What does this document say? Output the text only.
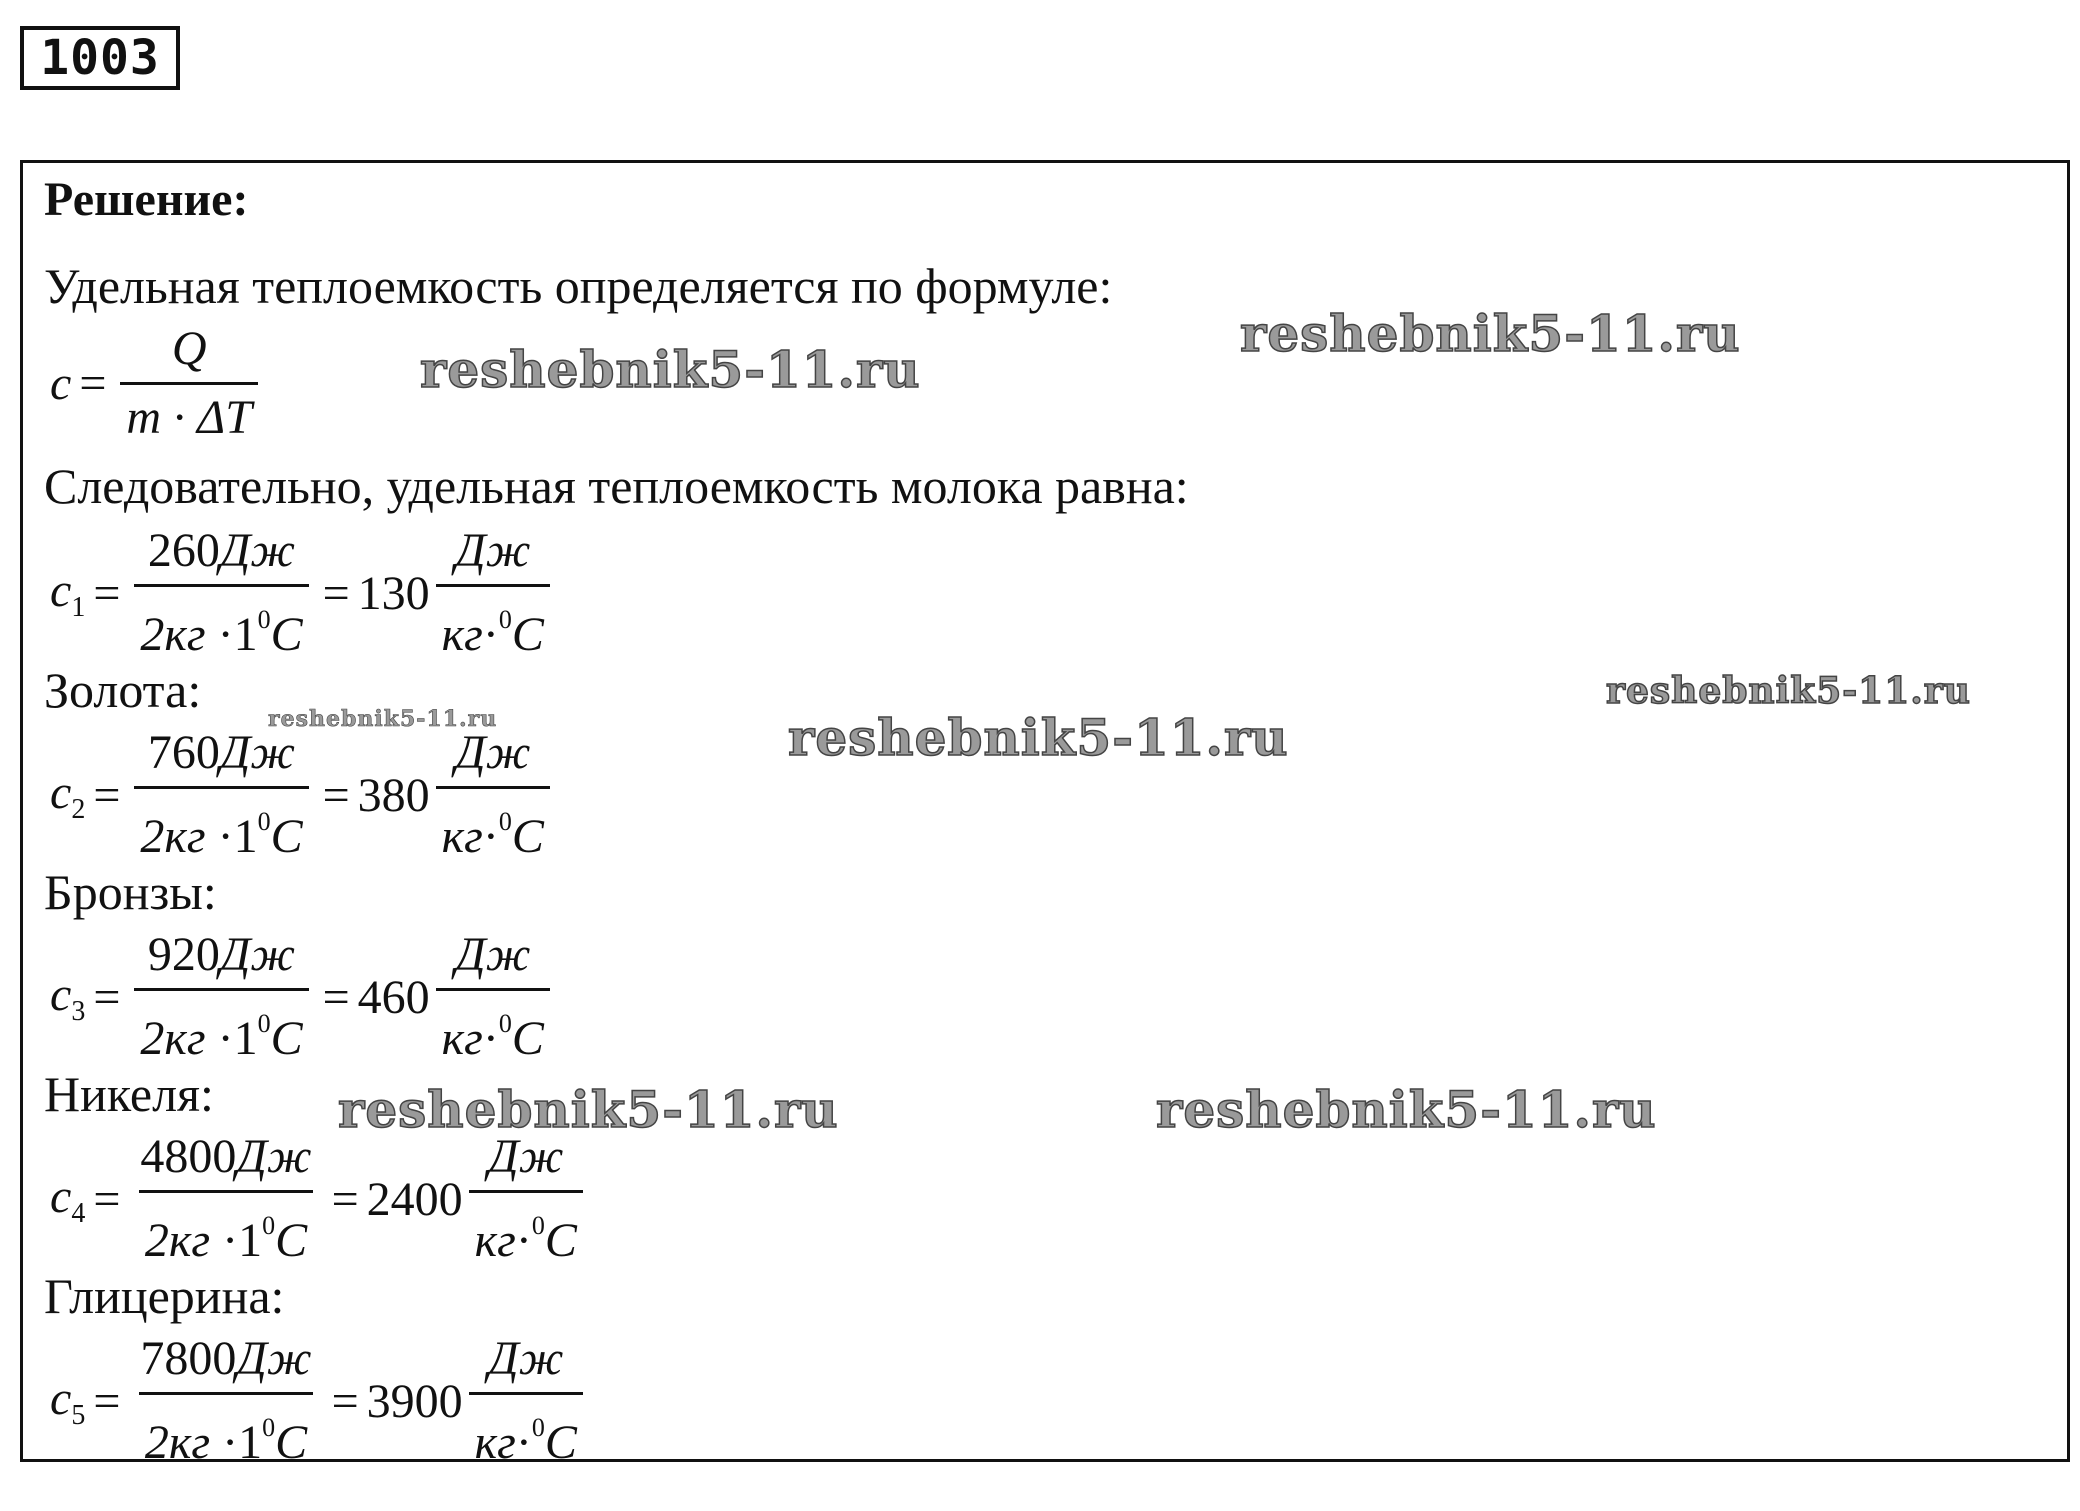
1003
Решение:
Удельная теплоемкость определяется по формуле:
$c = \frac{Q}{m \cdot \Delta T}$
Следовательно, удельная теплоемкость молока равна:
$c_1 = \frac{260Дж}{2кг \cdot 1^0C} = 130 \frac{Дж}{кг\cdot^0C}$
Золота:
$c_2 = \frac{760Дж}{2кг \cdot 1^0C} = 380 \frac{Дж}{кг\cdot^0C}$
Бронзы:
$c_3 = \frac{920Дж}{2кг \cdot 1^0C} = 460 \frac{Дж}{кг\cdot^0C}$
Никеля:
$c_4 = \frac{4800Дж}{2кг \cdot 1^0C} = 2400 \frac{Дж}{кг\cdot^0C}$
Глицерина:
$c_5 = \frac{7800Дж}{2кг \cdot 1^0C} = 3900 \frac{Дж}{кг\cdot^0C}$
reshebnik5-11.ru
reshebnik5-11.ru
reshebnik5-11.ru
reshebnik5-11.ru	reshebnik5-11.ru
reshebnik5-11.ru	reshebnik5-11.ru
